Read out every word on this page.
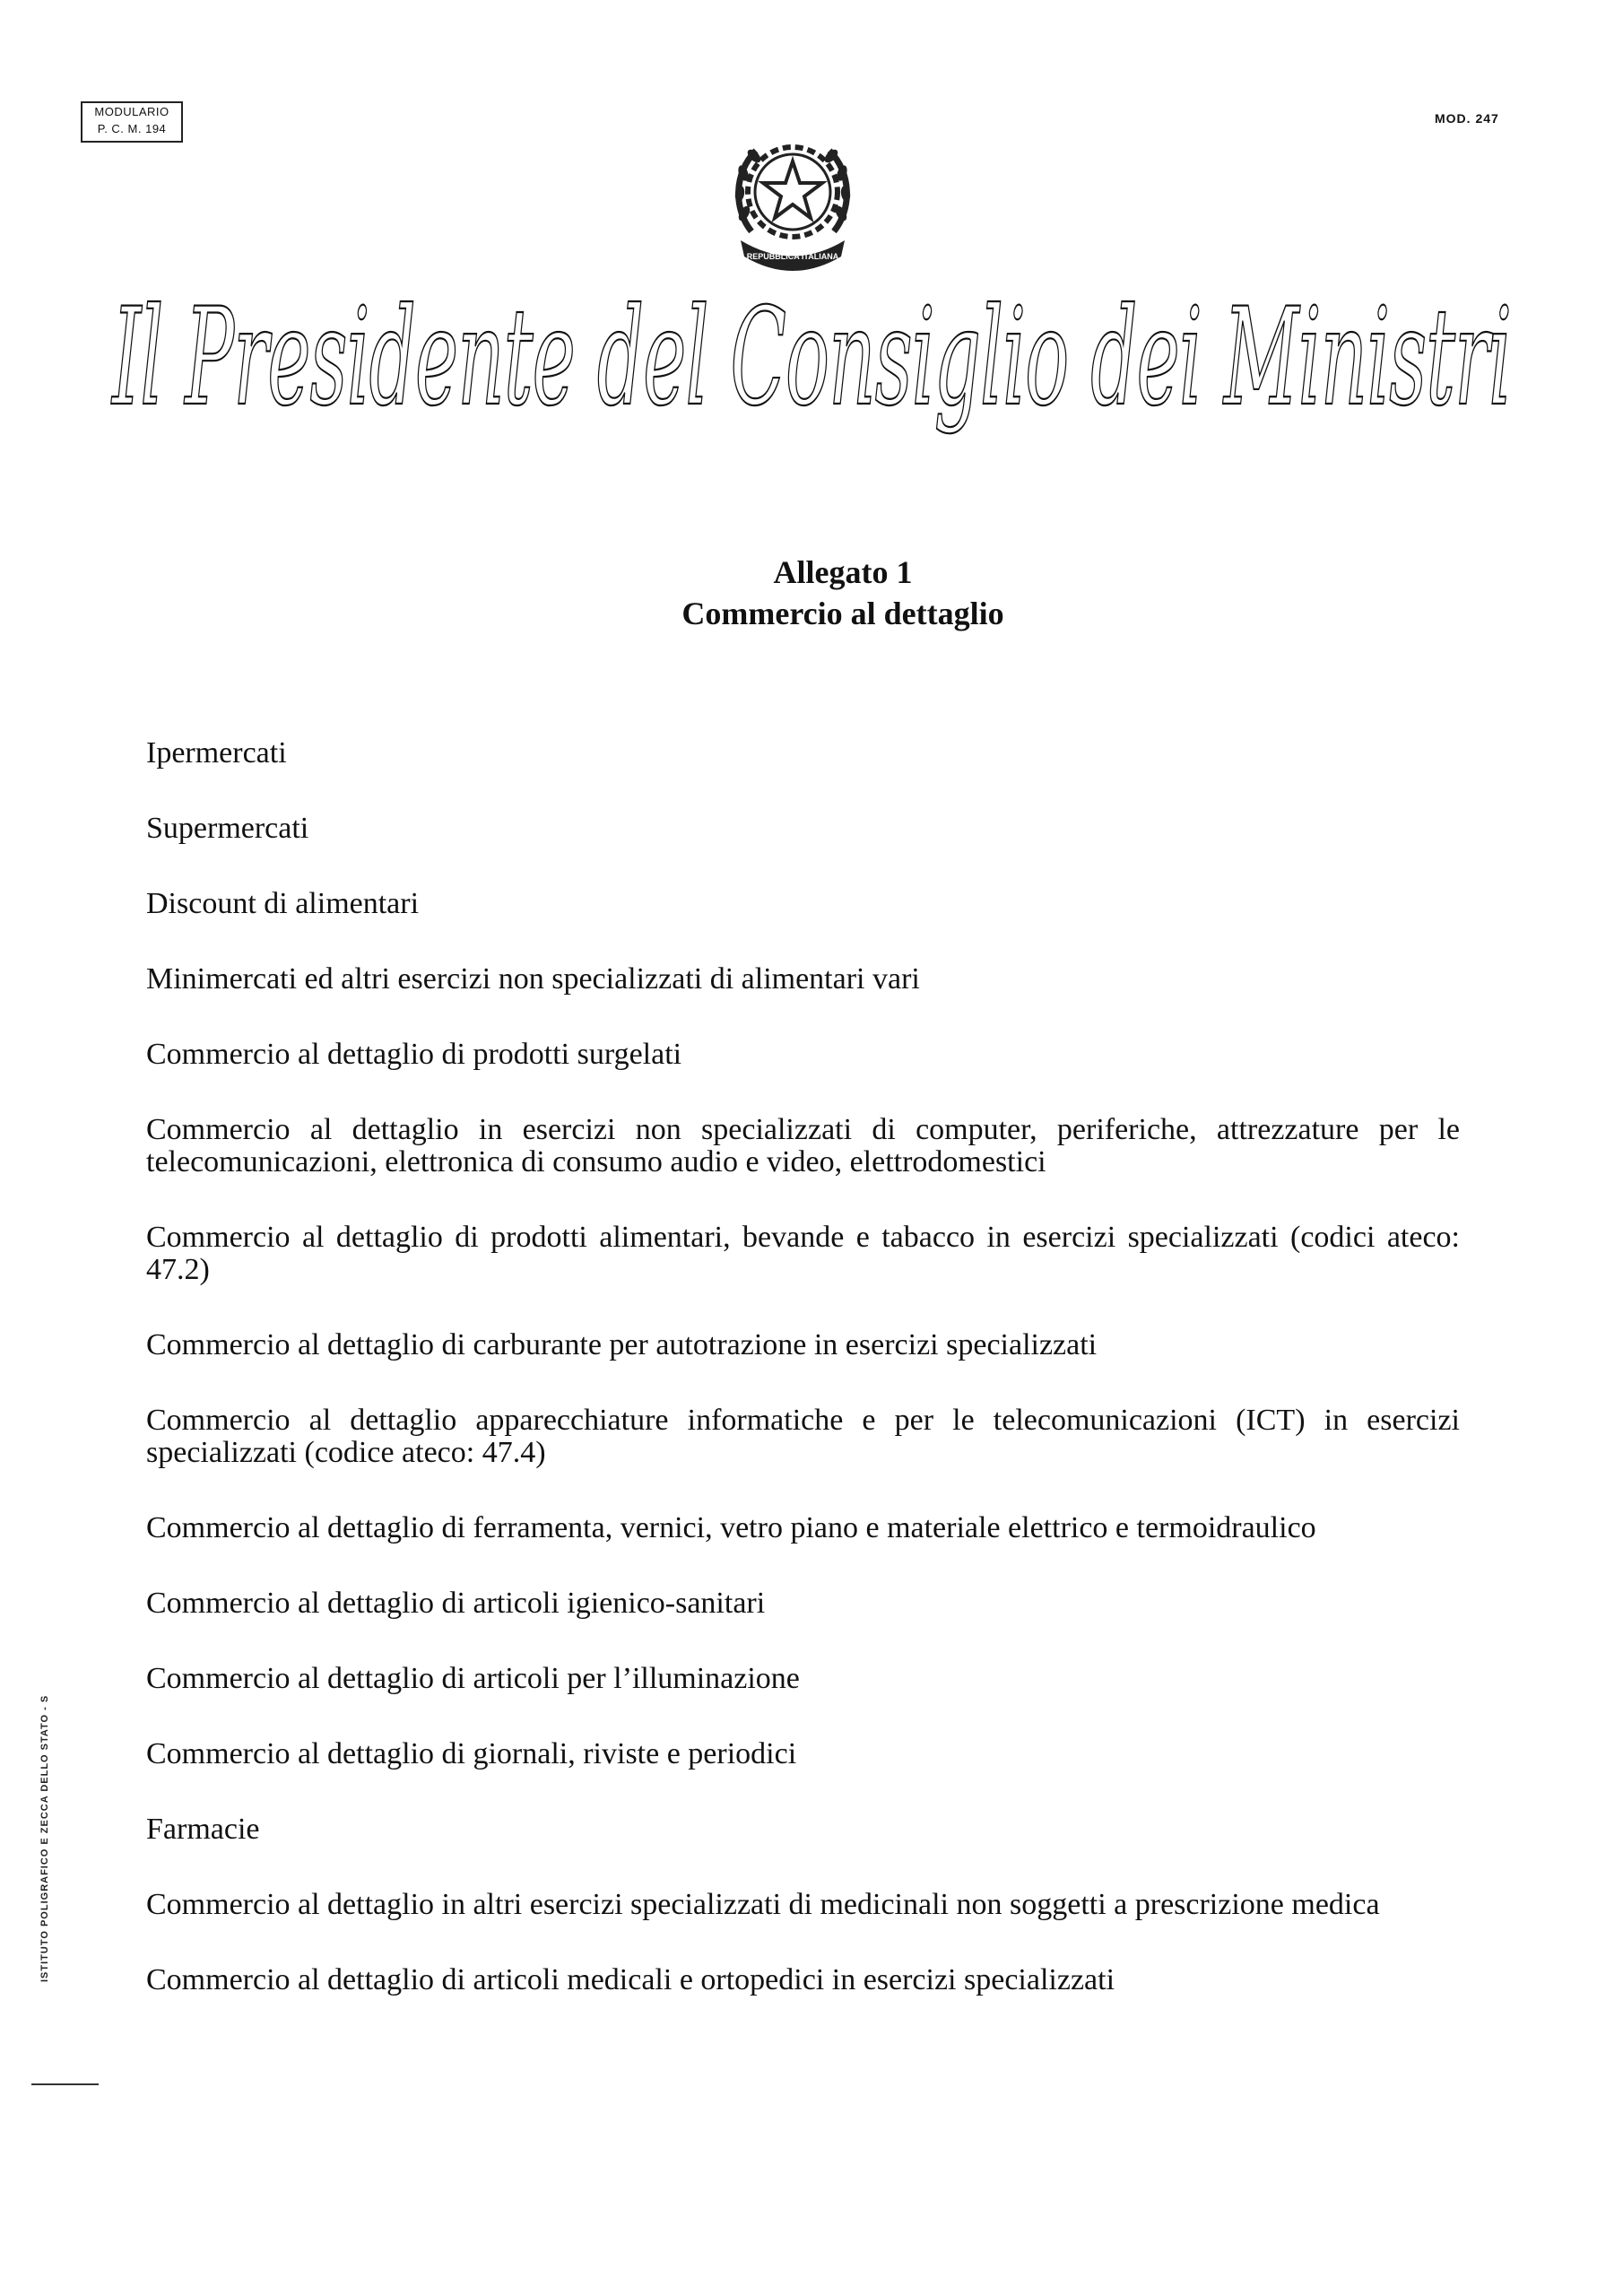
MODULARIO
P. C. M. 194
MOD. 247
REPUBBLICA ITALIANA
Il Presidente del Consiglio dei Ministri
Allegato 1
Commercio al dettaglio
Ipermercati
Supermercati
Discount di alimentari
Minimercati ed altri esercizi non specializzati di alimentari vari
Commercio al dettaglio di prodotti surgelati
Commercio al dettaglio in esercizi non specializzati di computer, periferiche, attrezzature per le telecomunicazioni, elettronica di consumo audio e video, elettrodomestici
Commercio al dettaglio di prodotti alimentari, bevande e tabacco in esercizi specializzati (codici ateco: 47.2)
Commercio al dettaglio di carburante per autotrazione in esercizi specializzati
Commercio al dettaglio apparecchiature informatiche e per le telecomunicazioni (ICT) in esercizi specializzati (codice ateco: 47.4)
Commercio al dettaglio di ferramenta, vernici, vetro piano e materiale elettrico e termoidraulico
Commercio al dettaglio di articoli igienico-sanitari
Commercio al dettaglio di articoli per l’illuminazione
Commercio al dettaglio di giornali, riviste e periodici
Farmacie
Commercio al dettaglio in altri esercizi specializzati di medicinali non soggetti a prescrizione medica
Commercio al dettaglio di articoli medicali e ortopedici in esercizi specializzati
ISTITUTO POLIGRAFICO E ZECCA DELLO STATO - S
